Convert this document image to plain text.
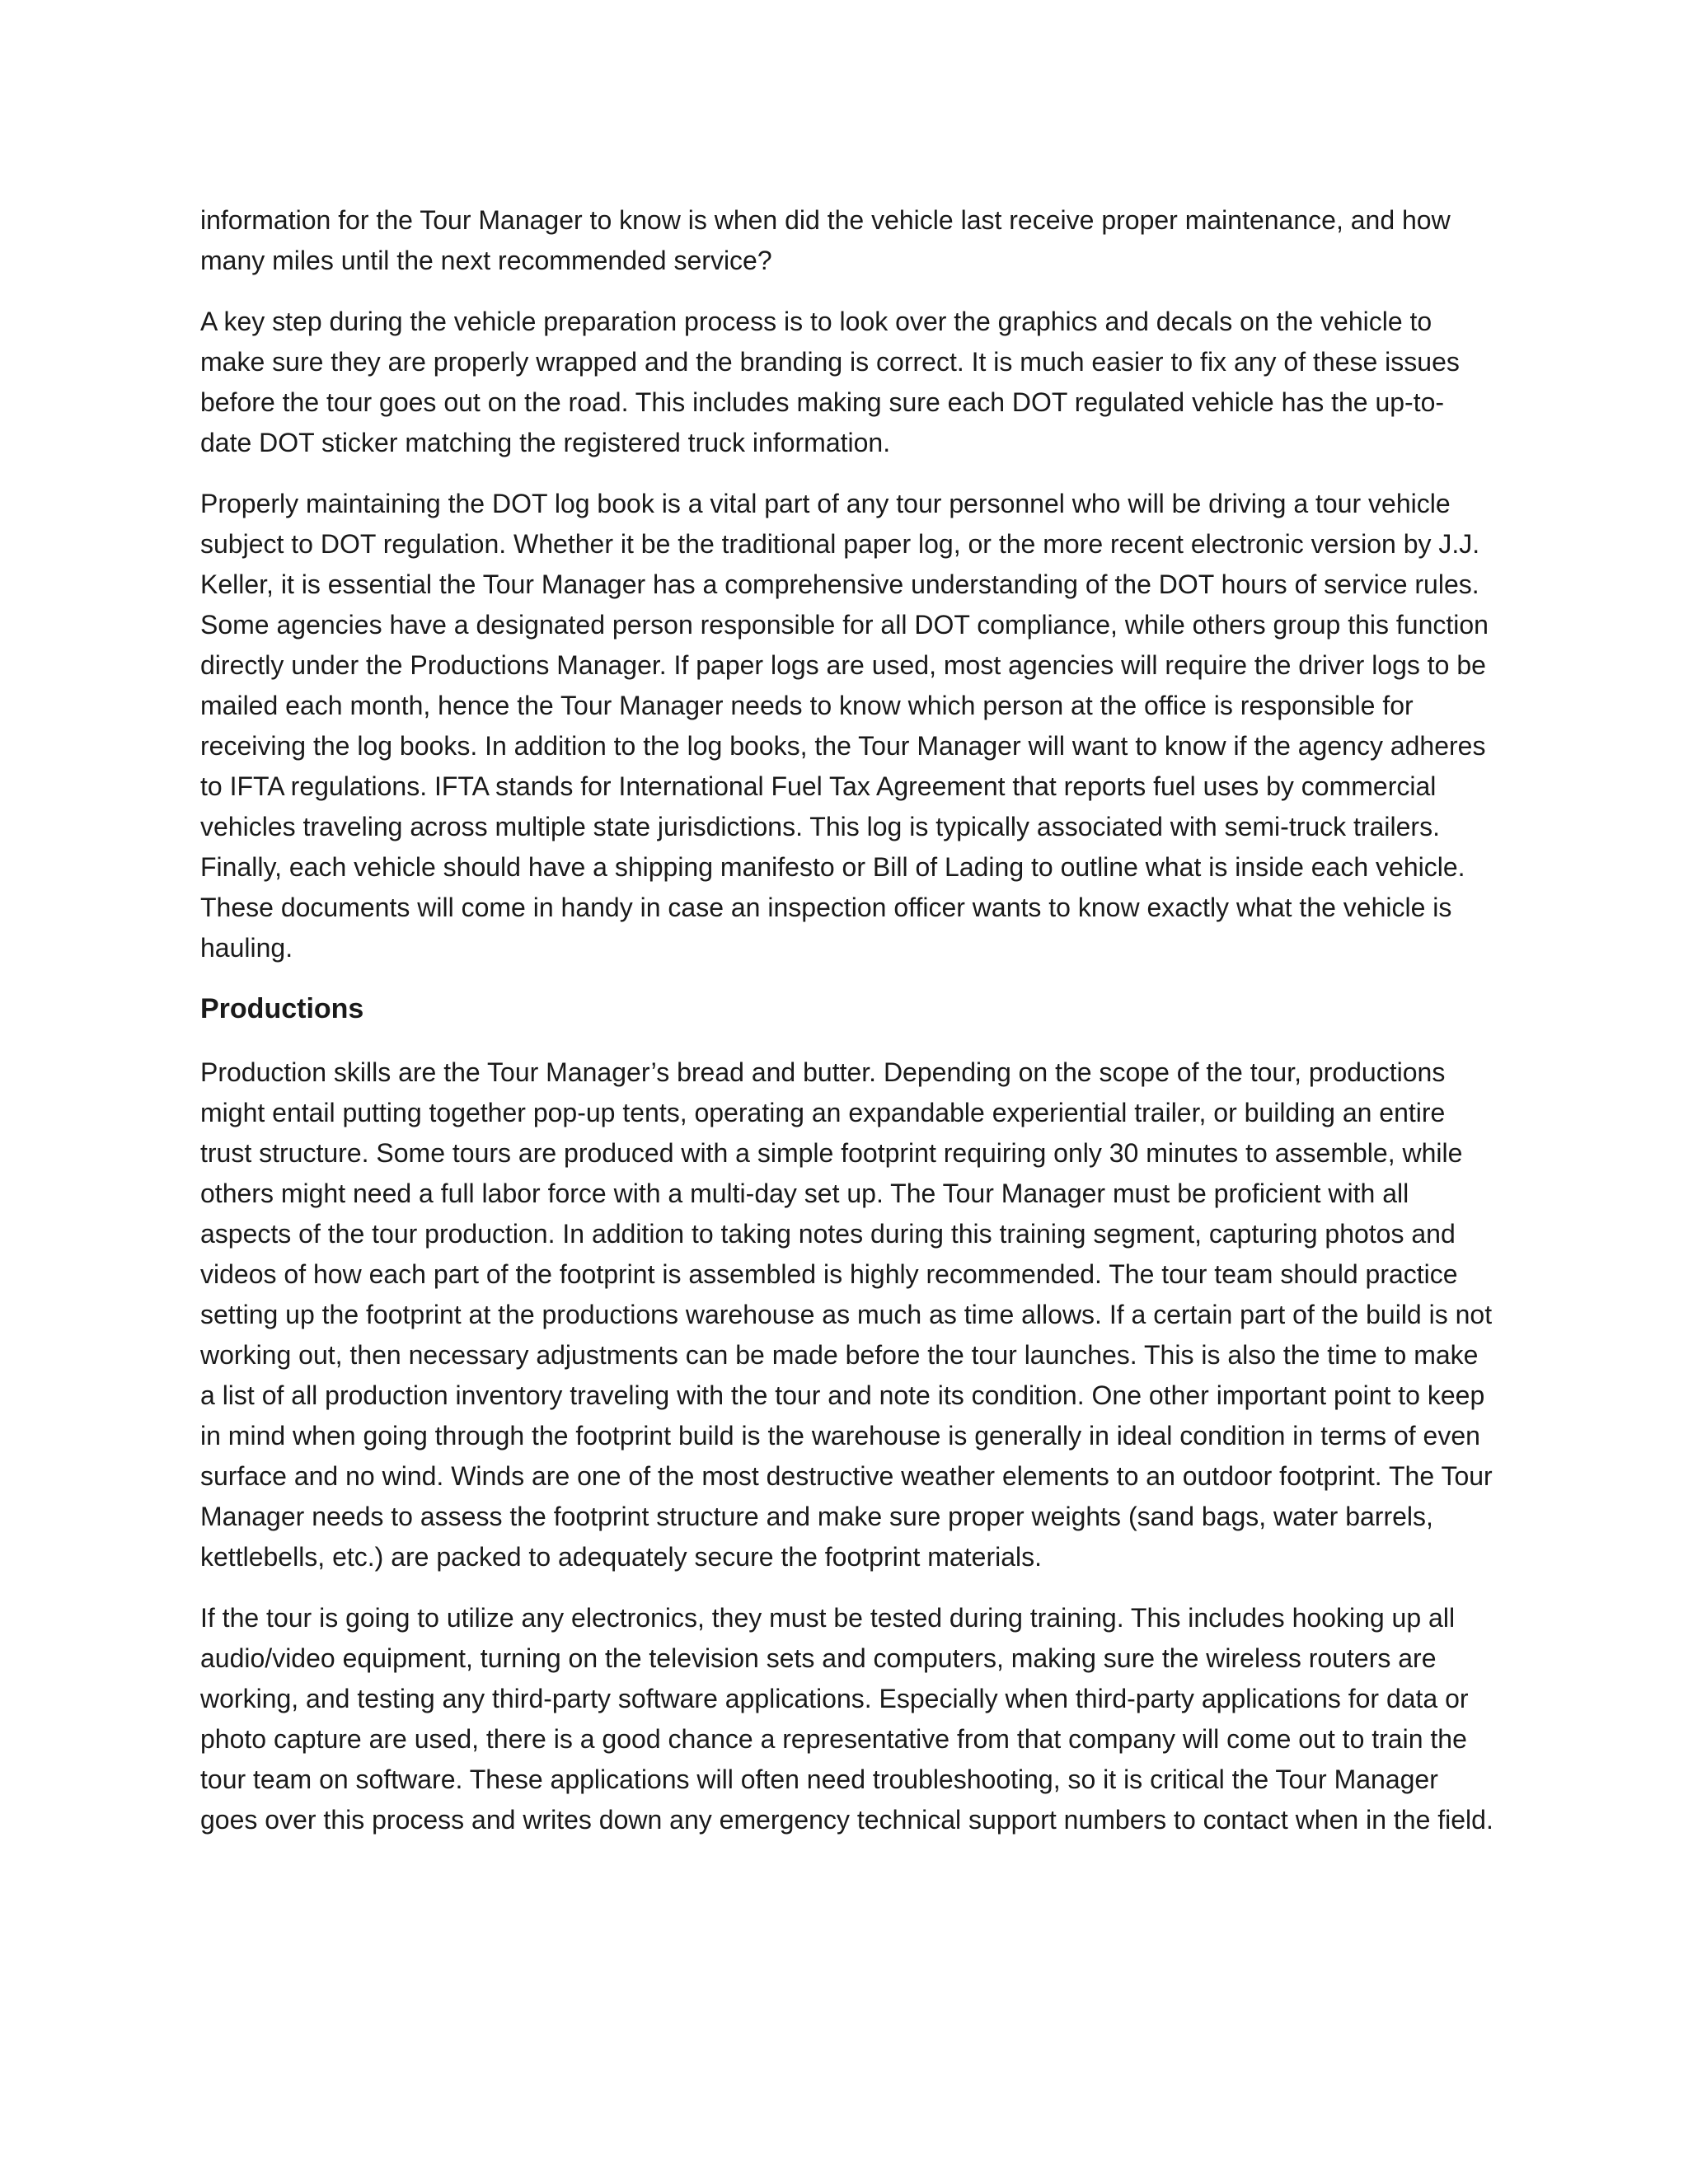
information for the Tour Manager to know is when did the vehicle last receive proper maintenance, and how many miles until the next recommended service?

A key step during the vehicle preparation process is to look over the graphics and decals on the vehicle to make sure they are properly wrapped and the branding is correct. It is much easier to fix any of these issues before the tour goes out on the road. This includes making sure each DOT regulated vehicle has the up-to-date DOT sticker matching the registered truck information.

Properly maintaining the DOT log book is a vital part of any tour personnel who will be driving a tour vehicle subject to DOT regulation. Whether it be the traditional paper log, or the more recent electronic version by J.J. Keller, it is essential the Tour Manager has a comprehensive understanding of the DOT hours of service rules. Some agencies have a designated person responsible for all DOT compliance, while others group this function directly under the Productions Manager. If paper logs are used, most agencies will require the driver logs to be mailed each month, hence the Tour Manager needs to know which person at the office is responsible for receiving the log books. In addition to the log books, the Tour Manager will want to know if the agency adheres to IFTA regulations. IFTA stands for International Fuel Tax Agreement that reports fuel uses by commercial vehicles traveling across multiple state jurisdictions. This log is typically associated with semi-truck trailers. Finally, each vehicle should have a shipping manifesto or Bill of Lading to outline what is inside each vehicle. These documents will come in handy in case an inspection officer wants to know exactly what the vehicle is hauling.

Productions

Production skills are the Tour Manager’s bread and butter. Depending on the scope of the tour, productions might entail putting together pop-up tents, operating an expandable experiential trailer, or building an entire trust structure. Some tours are produced with a simple footprint requiring only 30 minutes to assemble, while others might need a full labor force with a multi-day set up. The Tour Manager must be proficient with all aspects of the tour production. In addition to taking notes during this training segment, capturing photos and videos of how each part of the footprint is assembled is highly recommended. The tour team should practice setting up the footprint at the productions warehouse as much as time allows. If a certain part of the build is not working out, then necessary adjustments can be made before the tour launches. This is also the time to make a list of all production inventory traveling with the tour and note its condition. One other important point to keep in mind when going through the footprint build is the warehouse is generally in ideal condition in terms of even surface and no wind. Winds are one of the most destructive weather elements to an outdoor footprint. The Tour Manager needs to assess the footprint structure and make sure proper weights (sand bags, water barrels, kettlebells, etc.) are packed to adequately secure the footprint materials.

If the tour is going to utilize any electronics, they must be tested during training. This includes hooking up all audio/video equipment, turning on the television sets and computers, making sure the wireless routers are working, and testing any third-party software applications. Especially when third-party applications for data or photo capture are used, there is a good chance a representative from that company will come out to train the tour team on software. These applications will often need troubleshooting, so it is critical the Tour Manager goes over this process and writes down any emergency technical support numbers to contact when in the field.
